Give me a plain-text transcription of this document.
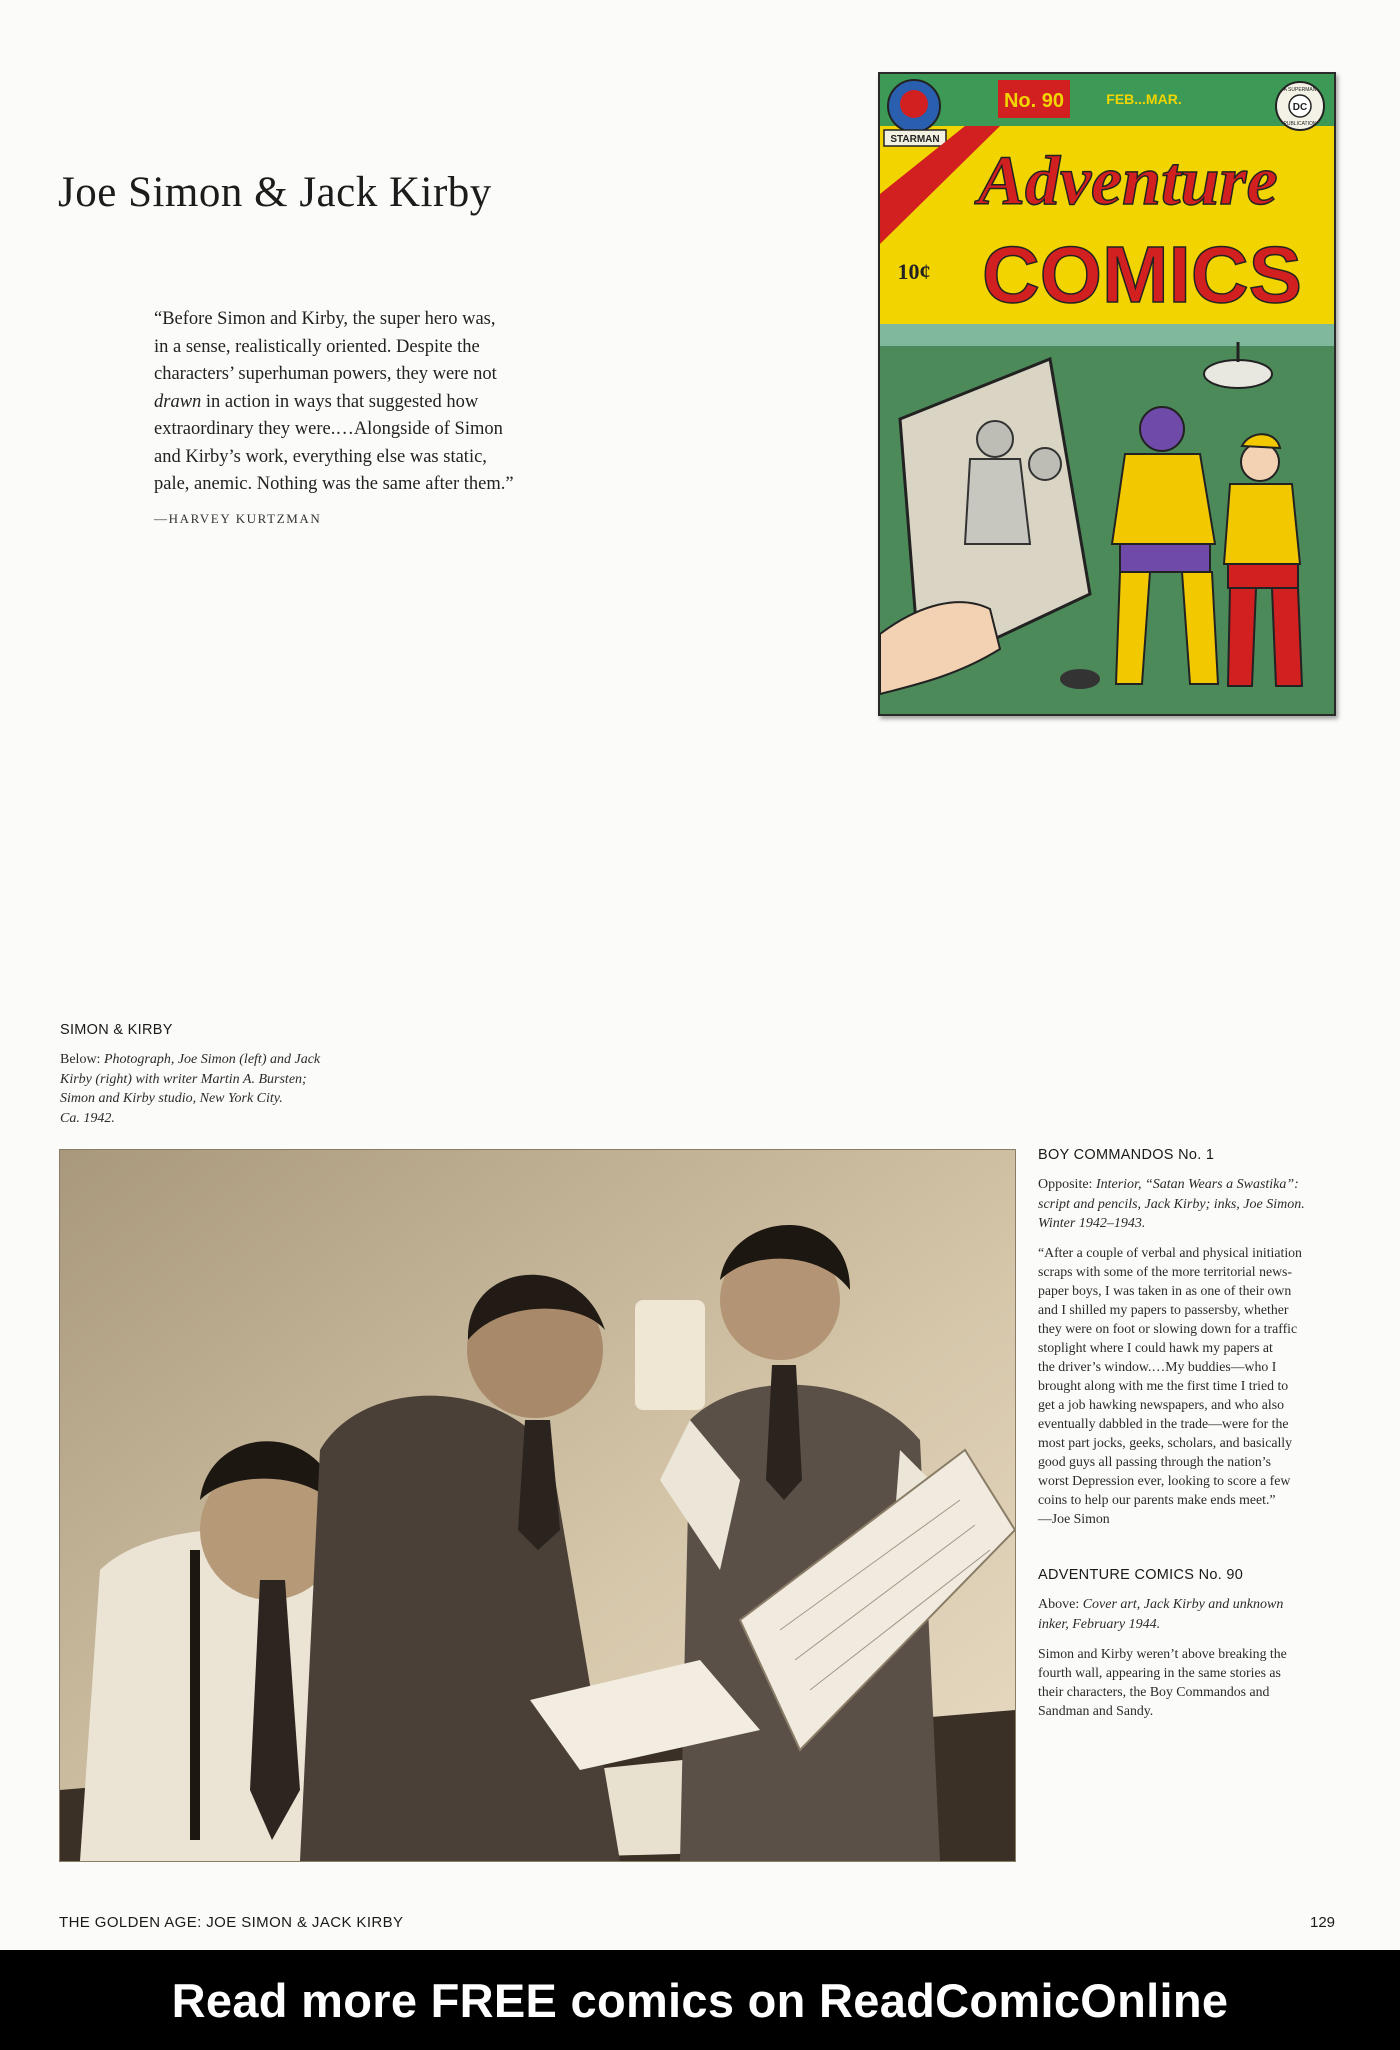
Joe Simon & Jack Kirby

“Before Simon and Kirby, the super hero was,

in a sense, realistically oriented. Despite the

characters’ superhuman powers, they were not

drawn in action in ways that suggested how

extraordinary they were.…Alongside of Simon

and Kirby’s work, everything else was static,

pale, anemic. Nothing was the same after them.”

—HARVEY KURTZMAN
STARMAN
No. 90	FEB...MAR.
DC
A SUPERMAN
PUBLICATION
Adventure
COMICS
10¢
SIMON & KIRBY
Below: Photograph, Joe Simon (left) and Jack
Kirby (right) with writer Martin A. Bursten;
Simon and Kirby studio, New York City.
Ca. 1942.
BOY COMMANDOS No. 1
Opposite: Interior, “Satan Wears a Swastika”:
script and pencils, Jack Kirby; inks, Joe Simon.
Winter 1942–1943.
“After a couple of verbal and physical initiation
scraps with some of the more territorial news-
paper boys, I was taken in as one of their own
and I shilled my papers to passersby, whether
they were on foot or slowing down for a traffic
stoplight where I could hawk my papers at
the driver’s window.…My buddies—who I
brought along with me the first time I tried to
get a job hawking newspapers, and who also
eventually dabbled in the trade—were for the
most part jocks, geeks, scholars, and basically
good guys all passing through the nation’s
worst Depression ever, looking to score a few
coins to help our parents make ends meet.”
—Joe Simon
ADVENTURE COMICS No. 90
Above: Cover art, Jack Kirby and unknown
inker, February 1944.
Simon and Kirby weren’t above breaking the
fourth wall, appearing in the same stories as
their characters, the Boy Commandos and
Sandman and Sandy.
THE GOLDEN AGE: JOE SIMON & JACK KIRBY	129
Read more FREE comics on ReadComicOnline
